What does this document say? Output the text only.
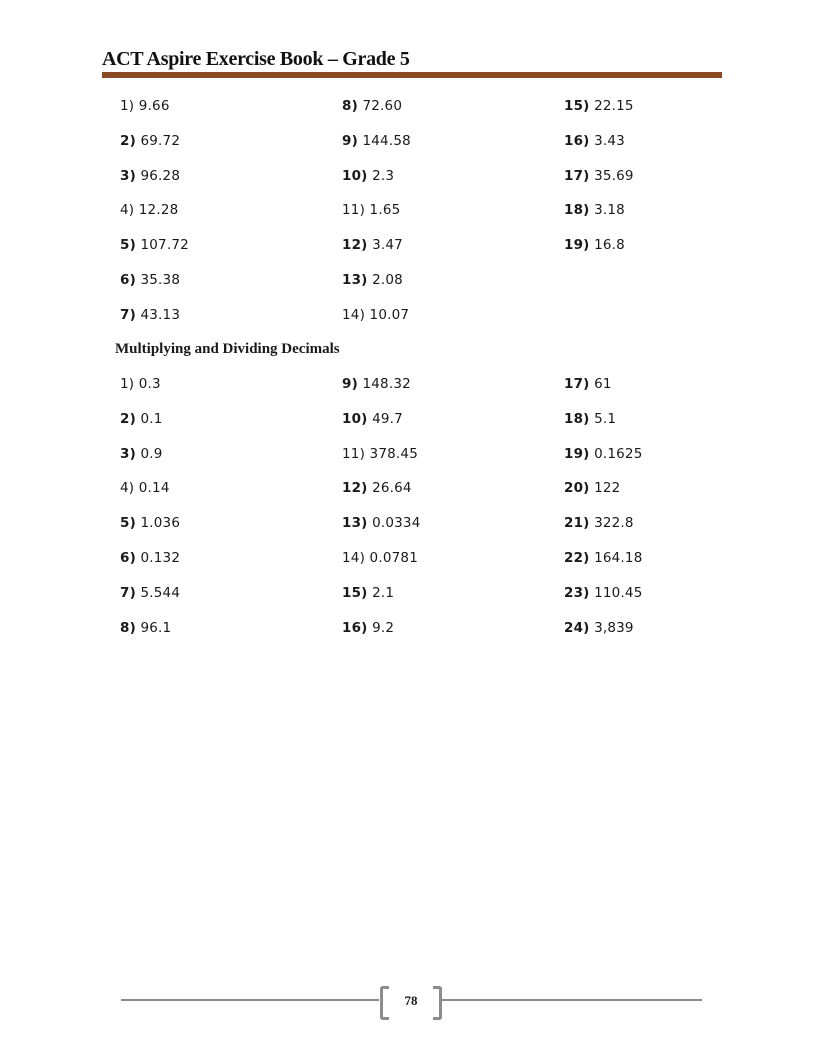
ACT Aspire Exercise Book – Grade 5
1) 9.66	8) 72.60	15) 22.15
2) 69.72	9) 144.58	16) 3.43
3) 96.28	10) 2.3	17) 35.69
4) 12.28	11) 1.65	18) 3.18
5) 107.72	12) 3.47	19) 16.8
6) 35.38	13) 2.08
7) 43.13	14) 10.07
Multiplying and Dividing Decimals
1) 0.3	9) 148.32	17) 61
2) 0.1	10) 49.7	18) 5.1
3) 0.9	11) 378.45	19) 0.1625
4) 0.14	12) 26.64	20) 122
5) 1.036	13) 0.0334	21) 322.8
6) 0.132	14) 0.0781	22) 164.18
7) 5.544	15) 2.1	23) 110.45
8) 96.1	16) 9.2	24) 3,839
78
